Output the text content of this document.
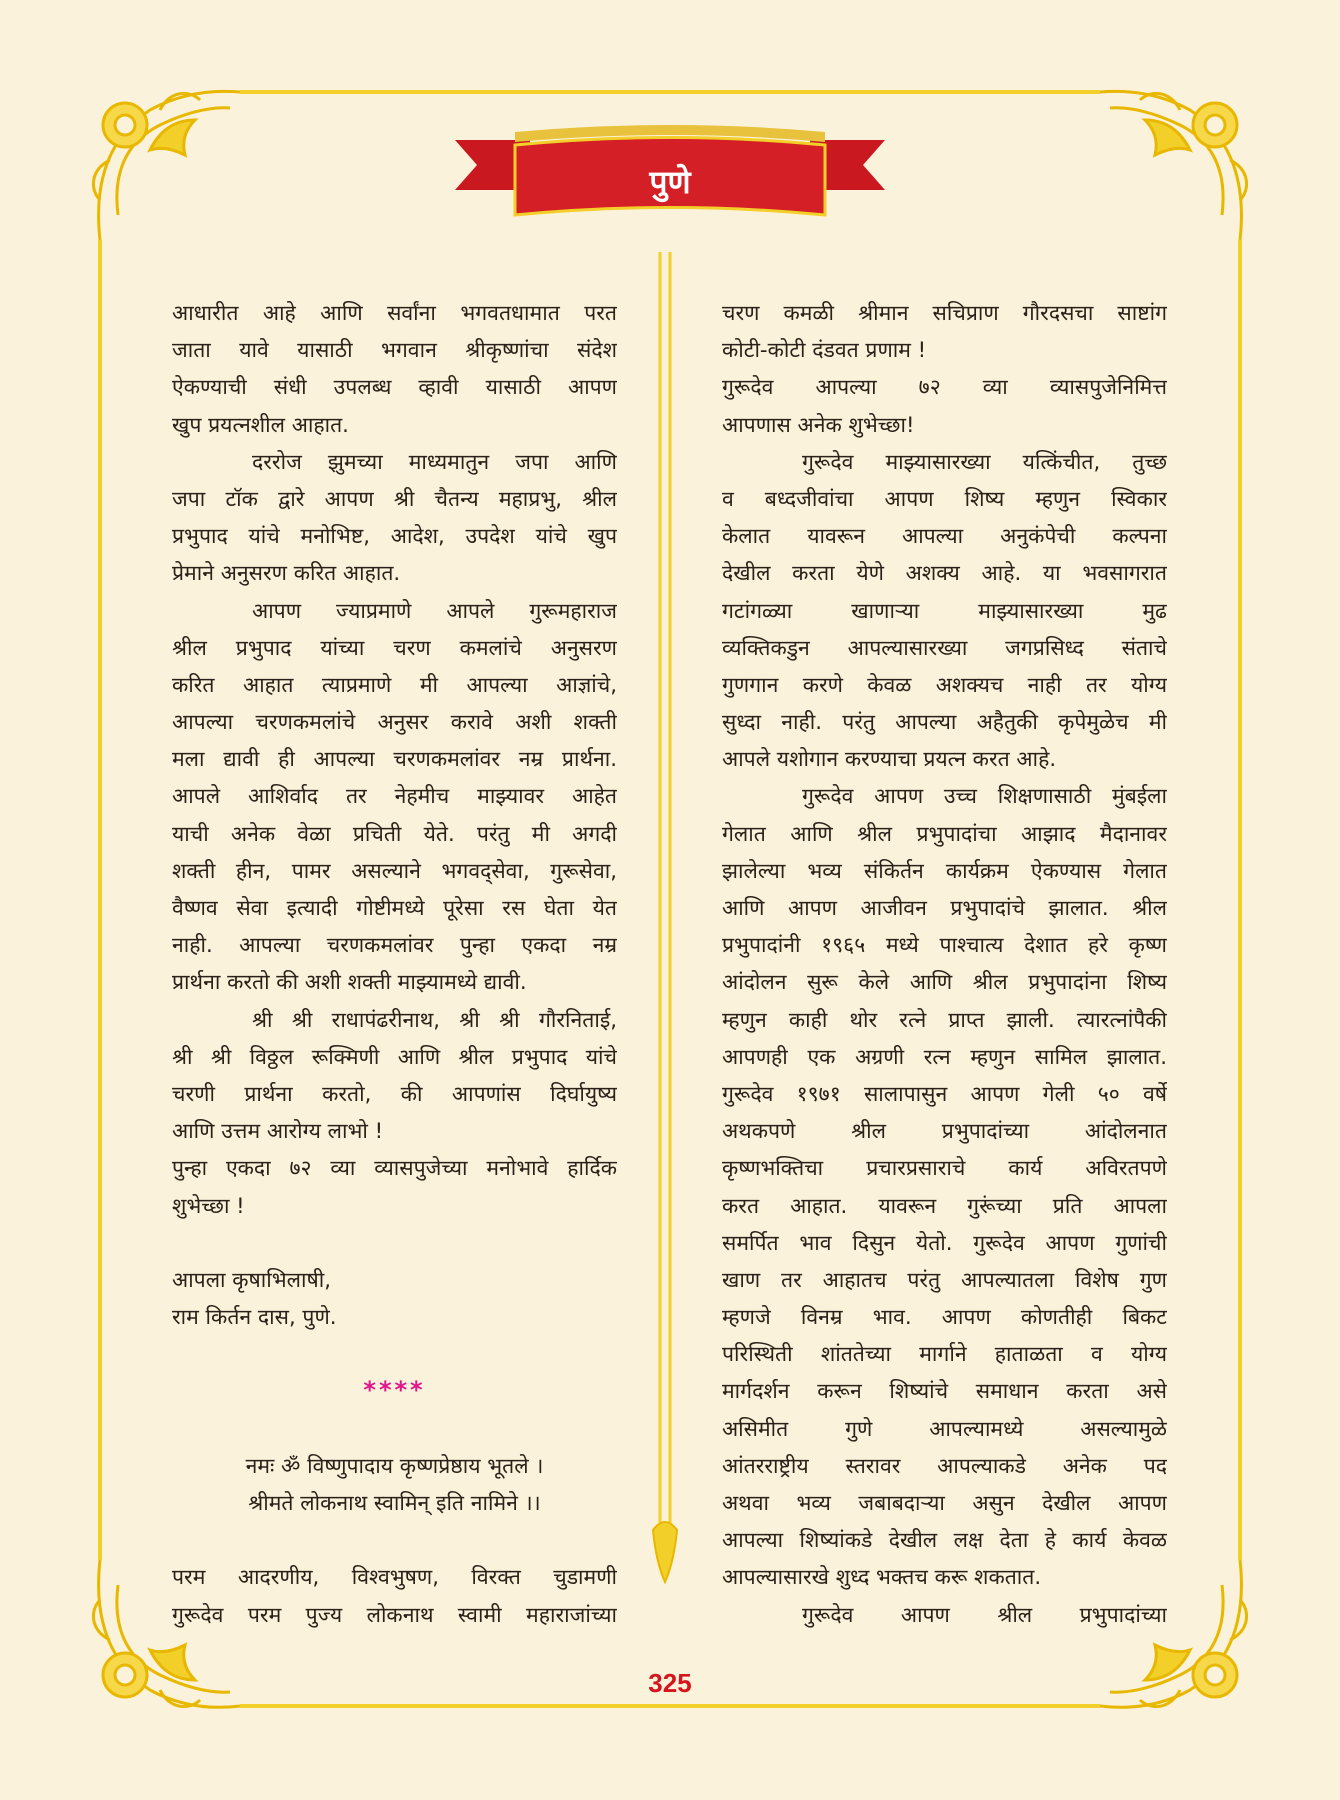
पुणे
आधारीत आहे आणि सर्वांना भगवतधामात परत
जाता यावे यासाठी भगवान श्रीकृष्णांचा संदेश
ऐकण्याची संधी उपलब्ध व्हावी यासाठी आपण
खुप प्रयत्नशील आहात.
दररोज झुमच्या माध्यमातुन जपा आणि
जपा टॉक द्वारे आपण श्री चैतन्य महाप्रभु, श्रील
प्रभुपाद यांचे मनोभिष्ट, आदेश, उपदेश यांचे खुप
प्रेमाने अनुसरण करित आहात.
आपण ज्याप्रमाणे आपले गुरूमहाराज
श्रील प्रभुपाद यांच्या चरण कमलांचे अनुसरण
करित आहात त्याप्रमाणे मी आपल्या आज्ञांचे,
आपल्या चरणकमलांचे अनुसर करावे अशी शक्ती
मला द्यावी ही आपल्या चरणकमलांवर नम्र प्रार्थना.
आपले आशिर्वाद तर नेहमीच माझ्यावर आहेत
याची अनेक वेळा प्रचिती येते. परंतु मी अगदी
शक्ती हीन, पामर असल्याने भगवद्सेवा, गुरूसेवा,
वैष्णव सेवा इत्यादी गोष्टीमध्ये पूरेसा रस घेता येत
नाही. आपल्या चरणकमलांवर पुन्हा एकदा नम्र
प्रार्थना करतो की अशी शक्ती माझ्यामध्ये द्यावी.
श्री श्री राधापंढरीनाथ, श्री श्री गौरनिताई,
श्री श्री विठ्ठल रूक्मिणी आणि श्रील प्रभुपाद यांचे
चरणी प्रार्थना करतो, की आपणांस दिर्घायुष्य
आणि उत्तम आरोग्य लाभो !
पुन्हा एकदा ७२ व्या व्यासपुजेच्या मनोभावे हार्दिक
शुभेच्छा !
आपला कृषाभिलाषी,
राम किर्तन दास, पुणे.
****
नमः ॐ विष्णुपादाय कृष्णप्रेष्ठाय भूतले ।
श्रीमते लोकनाथ स्वामिन् इति नामिने ।।
परम आदरणीय, विश्वभुषण, विरक्त चुडामणी
गुरूदेव परम पुज्य लोकनाथ स्वामी महाराजांच्या
चरण कमळी श्रीमान सचिप्राण गौरदसचा साष्टांग
कोटी-कोटी दंडवत प्रणाम !
गुरूदेव आपल्या ७२ व्या व्यासपुजेनिमित्त
आपणास अनेक शुभेच्छा!
गुरूदेव माझ्यासारख्या यत्किंचीत, तुच्छ
व बध्दजीवांचा आपण शिष्य म्हणुन स्विकार
केलात यावरून आपल्या अनुकंपेची कल्पना
देखील करता येणे अशक्य आहे. या भवसागरात
गटांगळ्या खाणाऱ्या माझ्यासारख्या मुढ
व्यक्तिकडुन आपल्यासारख्या जगप्रसिध्द संताचे
गुणगान करणे केवळ अशक्यच नाही तर योग्य
सुध्दा नाही. परंतु आपल्या अहैतुकी कृपेमुळेच मी
आपले यशोगान करण्याचा प्रयत्न करत आहे.
गुरूदेव आपण उच्च शिक्षणासाठी मुंबईला
गेलात आणि श्रील प्रभुपादांचा आझाद मैदानावर
झालेल्या भव्य संकिर्तन कार्यक्रम ऐकण्यास गेलात
आणि आपण आजीवन प्रभुपादांचे झालात. श्रील
प्रभुपादांनी १९६५ मध्ये पाश्चात्य देशात हरे कृष्ण
आंदोलन सुरू केले आणि श्रील प्रभुपादांना शिष्य
म्हणुन काही थोर रत्ने प्राप्त झाली. त्यारत्नांपैकी
आपणही एक अग्रणी रत्न म्हणुन सामिल झालात.
गुरूदेव १९७१ सालापासुन आपण गेली ५० वर्षे
अथकपणे श्रील प्रभुपादांच्या आंदोलनात
कृष्णभक्तिचा प्रचारप्रसाराचे कार्य अविरतपणे
करत आहात. यावरून गुरूंच्या प्रति आपला
समर्पित भाव दिसुन येतो. गुरूदेव आपण गुणांची
खाण तर आहातच परंतु आपल्यातला विशेष गुण
म्हणजे विनम्र भाव. आपण कोणतीही बिकट
परिस्थिती शांततेच्या मार्गाने हाताळता व योग्य
मार्गदर्शन करून शिष्यांचे समाधान करता असे
असिमीत गुणे आपल्यामध्ये असल्यामुळे
आंतरराष्ट्रीय स्तरावर आपल्याकडे अनेक पद
अथवा भव्य जबाबदाऱ्या असुन देखील आपण
आपल्या शिष्यांकडे देखील लक्ष देता हे कार्य केवळ
आपल्यासारखे शुध्द भक्तच करू शकतात.
गुरूदेव आपण श्रील प्रभुपादांच्या
325
